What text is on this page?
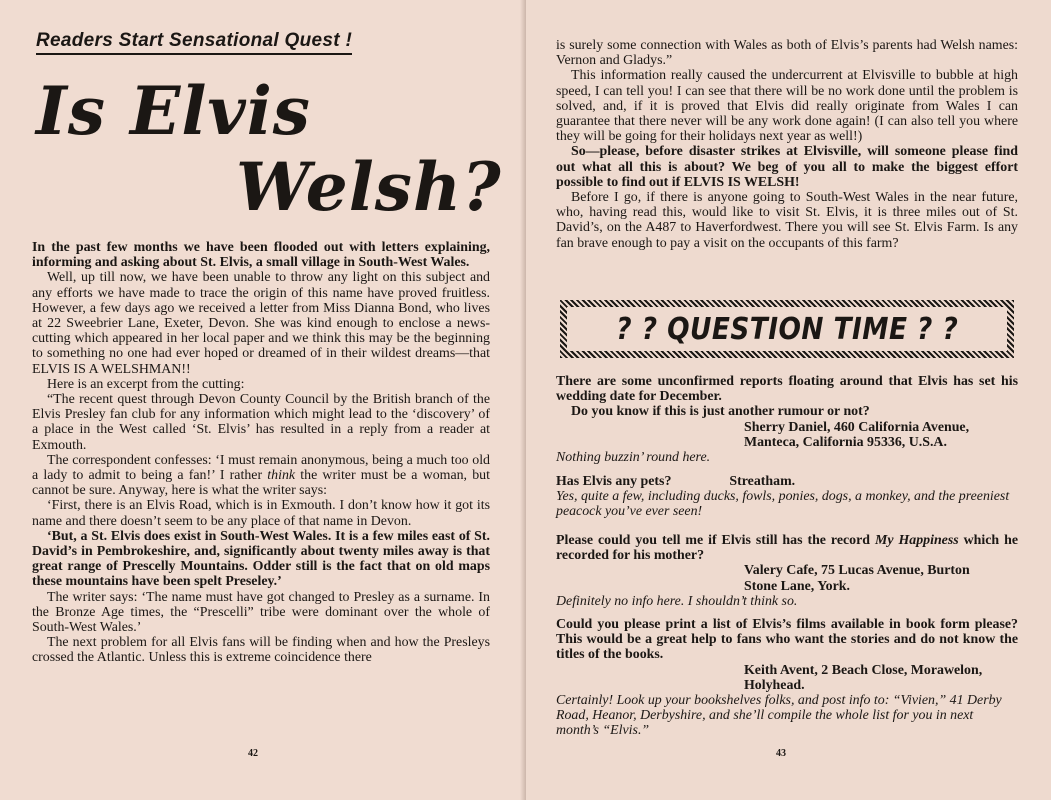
Readers Start Sensational Quest !
Is Elvis
Welsh?

In the past few months we have been flooded out with letters explaining, informing and asking about St. Elvis, a small village in South-West Wales.

Well, up till now, we have been unable to throw any light on this subject and any efforts we have made to trace the origin of this name have proved fruitless. However, a few days ago we received a letter from Miss Dianna Bond, who lives at 22 Sweebrier Lane, Exeter, Devon. She was kind enough to enclose a news-cutting which appeared in her local paper and we think this may be the beginning to something no one had ever hoped or dreamed of in their wildest dreams—that ELVIS IS A WELSHMAN!!

Here is an excerpt from the cutting:

“The recent quest through Devon County Council by the British branch of the Elvis Presley fan club for any information which might lead to the ‘discovery’ of a place in the West called ‘St. Elvis’ has resulted in a reply from a reader at Exmouth.

The correspondent confesses: ‘I must remain anonymous, being a much too old a lady to admit to being a fan!’ I rather think the writer must be a woman, but cannot be sure. Anyway, here is what the writer says:

‘First, there is an Elvis Road, which is in Exmouth. I don’t know how it got its name and there doesn’t seem to be any place of that name in Devon.

‘But, a St. Elvis does exist in South-West Wales. It is a few miles east of St. David’s in Pembrokeshire, and, significantly about twenty miles away is that great range of Prescelly Mountains. Odder still is the fact that on old maps these mountains have been spelt Preseley.’

The writer says: ‘The name must have got changed to Presley as a surname. In the Bronze Age times, the “Prescelli” tribe were dominant over the whole of South-West Wales.’

The next problem for all Elvis fans will be finding when and how the Presleys crossed the Atlantic. Unless this is extreme coincidence there

42

is surely some connection with Wales as both of Elvis’s parents had Welsh names: Vernon and Gladys.”

This information really caused the undercurrent at Elvisville to bubble at high speed, I can tell you! I can see that there will be no work done until the problem is solved, and, if it is proved that Elvis did really originate from Wales I can guarantee that there never will be any work done again! (I can also tell you where they will be going for their holidays next year as well!)

So—please, before disaster strikes at Elvisville, will someone please find out what all this is about? We beg of you all to make the biggest effort possible to find out if ELVIS IS WELSH!

Before I go, if there is anyone going to South-West Wales in the near future, who, having read this, would like to visit St. Elvis, it is three miles out of St. David’s, on the A487 to Haverfordwest. There you will see St. Elvis Farm. Is any fan brave enough to pay a visit on the occupants of this farm?

? ? QUESTION TIME ? ?

There are some unconfirmed reports floating around that Elvis has set his wedding date for December.

Do you know if this is just another rumour or not?

Sherry Daniel, 460 California Avenue,

Manteca, California 95336, U.S.A.

Nothing buzzin’ round here.

Has Elvis any pets?	Streatham.

Yes, quite a few, including ducks, fowls, ponies, dogs, a monkey, and the preeniest peacock you’ve ever seen!

Please could you tell me if Elvis still has the record My Happiness which he recorded for his mother?

Valery Cafe, 75 Lucas Avenue, Burton

Stone Lane, York.

Definitely no info here. I shouldn’t think so.

Could you please print a list of Elvis’s films available in book form please? This would be a great help to fans who want the stories and do not know the titles of the books.

Keith Avent, 2 Beach Close, Morawelon,

Holyhead.

Certainly! Look up your bookshelves folks, and post info to: “Vivien,” 41 Derby Road, Heanor, Derbyshire, and she’ll compile the whole list for you in next month’s “Elvis.”

43
